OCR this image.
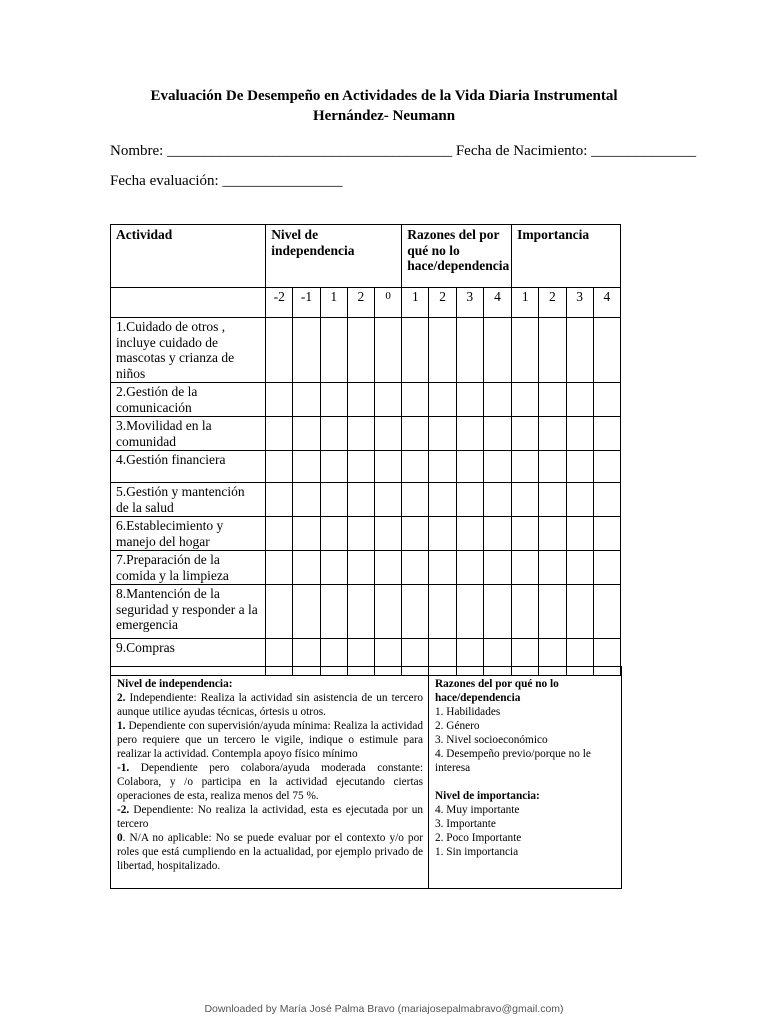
Evaluación De Desempeño en Actividades de la Vida Diaria Instrumental
Hernández- Neumann
Nombre: ______________________________________ Fecha de Nacimiento: ______________
Fecha evaluación: ________________
Actividad	Nivel de independencia					Razones del por qué no lo hace/dependencia				Importancia			
	-2	-1	1	2	0	1	2	3	4	1	2	3	4
1.Cuidado de otros , incluye cuidado de mascotas y crianza de niños													
2.Gestión de la comunicación													
3.Movilidad en la comunidad													
4.Gestión financiera													
5.Gestión y mantención de la salud													
6.Establecimiento y manejo del hogar													
7.Preparación de la comida y la limpieza													
8.Mantención de la seguridad y responder a la emergencia													
9.Compras													

Nivel de independencia:

2. Independiente: Realiza la actividad sin asistencia de un tercero aunque utilice ayudas técnicas, órtesis u otros.

1. Dependiente con supervisión/ayuda mínima: Realiza la actividad pero requiere que un tercero le vigile, indique o estimule para realizar la actividad. Contempla apoyo físico mínimo

-1. Dependiente pero colabora/ayuda moderada constante: Colabora, y /o participa en la actividad ejecutando ciertas operaciones de esta, realiza menos del 75 %.

-2. Dependiente: No realiza la actividad, esta es ejecutada por un tercero

0. N/A no aplicable: No se puede evaluar por el contexto y/o por roles que está cumpliendo en la actualidad, por ejemplo privado de libertad, hospitalizado.

Razones del por qué no lo hace/dependencia

1. Habilidades

2. Género

3. Nivel socioeconómico

4. Desempeño previo/porque no le interesa

Nivel de importancia:

4. Muy importante

3. Importante

2. Poco Importante

1. Sin importancia

Downloaded by María José Palma Bravo (mariajosepalmabravo@gmail.com)
